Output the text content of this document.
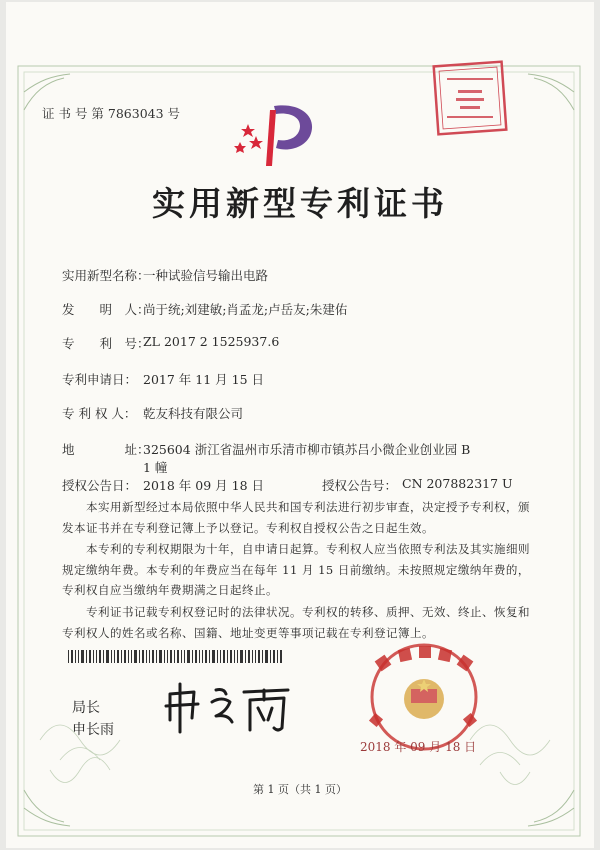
证 书 号 第 7863043 号
实用新型专利证书
实用新型名称：
一种试验信号输出电路
发　　明　人：
尚于统;刘建敏;肖孟龙;卢岳友;朱建佑
专　　利　号：
ZL 2017 2 1525937.6
专利申请日： 2017 年 11 月 15 日
专 利 权 人： 乾友科技有限公司
地　　　　址：
325604 浙江省温州市乐清市柳市镇苏吕小微企业创业园 B
1 幢
授权公告日： 2018 年 09 月 18 日	授权公告号： CN 207882317 U
本实用新型经过本局依照中华人民共和国专利法进行初步审查，决定授予专利权，颁发本证书并在专利登记簿上予以登记。专利权自授权公告之日起生效。
本专利的专利权期限为十年，自申请日起算。专利权人应当依照专利法及其实施细则规定缴纳年费。本专利的年费应当在每年 11 月 15 日前缴纳。未按照规定缴纳年费的，专利权自应当缴纳年费期满之日起终止。
专利证书记载专利权登记时的法律状况。专利权的转移、质押、无效、终止、恢复和专利权人的姓名或名称、国籍、地址变更等事项记载在专利登记簿上。
局长
申长雨
2018 年 09 月 18 日
第 1 页（共 1 页）
